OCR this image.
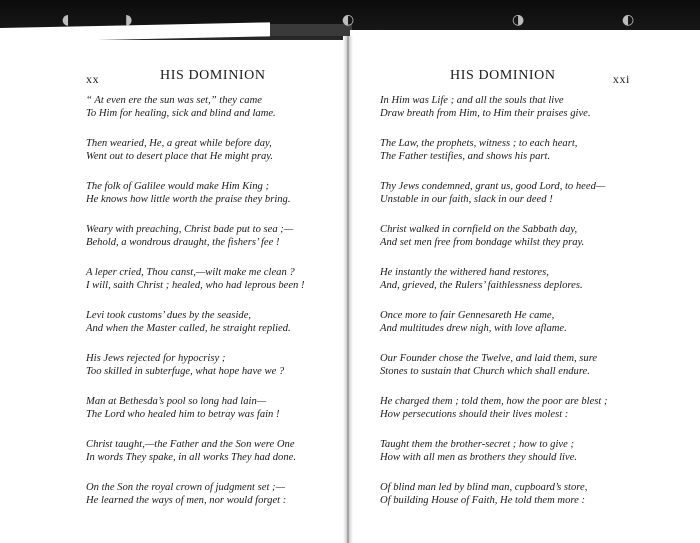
◖	◗	◐	◑	◐
xx	HIS DOMINION
“ At even ere the sun was set,” they came
To Him for healing, sick and blind and lame.
Then wearied, He, a great while before day,
Went out to desert place that He might pray.
The folk of Galilee would make Him King ;
He knows how little worth the praise they bring.
Weary with preaching, Christ bade put to sea ;—
Behold, a wondrous draught, the fishers’ fee !
A leper cried, Thou canst,—wilt make me clean ?
I will, saith Christ ; healed, who had leprous been !
Levi took customs’ dues by the seaside,
And when the Master called, he straight replied.
His Jews rejected for hypocrisy ;
Too skilled in subterfuge, what hope have we ?
Man at Bethesda’s pool so long had lain—
The Lord who healed him to betray was fain !
Christ taught,—the Father and the Son were One
In words They spake, in all works They had done.
On the Son the royal crown of judgment set ;—
He learned the ways of men, nor would forget :
HIS DOMINION	xxi
In Him was Life ; and all the souls that live
Draw breath from Him, to Him their praises give.
The Law, the prophets, witness ; to each heart,
The Father testifies, and shows his part.
Thy Jews condemned, grant us, good Lord, to heed—
Unstable in our faith, slack in our deed !
Christ walked in cornfield on the Sabbath day,
And set men free from bondage whilst they pray.
He instantly the withered hand restores,
And, grieved, the Rulers’ faithlessness deplores.
Once more to fair Gennesareth He came,
And multitudes drew nigh, with love aflame.
Our Founder chose the Twelve, and laid them, sure
Stones to sustain that Church which shall endure.
He charged them ; told them, how the poor are blest ;
How persecutions should their lives molest :
Taught them the brother-secret ; how to give ;
How with all men as brothers they should live.
Of blind man led by blind man, cupboard’s store,
Of building House of Faith, He told them more :
